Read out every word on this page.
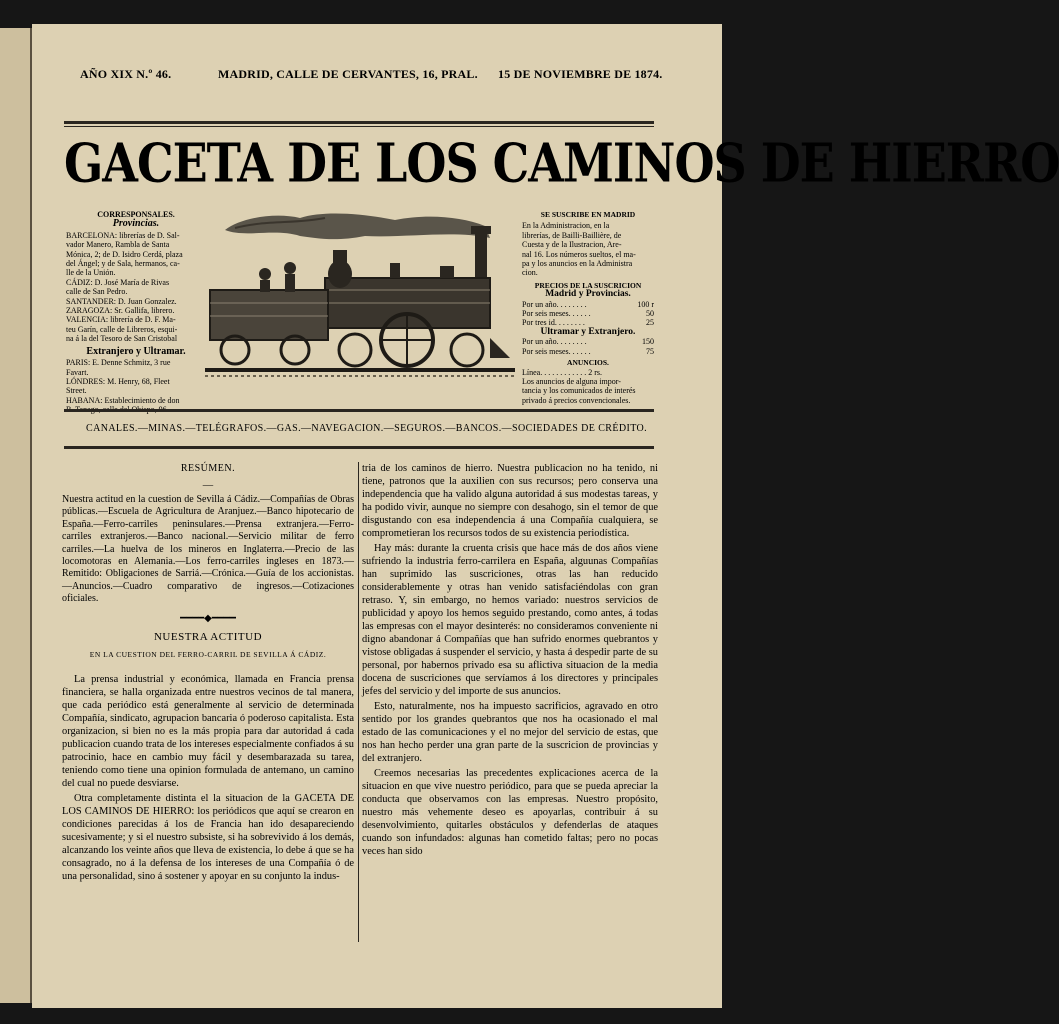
AÑO XIX N.º 46.	MADRID, CALLE DE CERVANTES, 16, PRAL. 15 DE NOVIEMBRE DE 1874.
GACETA DE LOS CAMINOS DE HIERRO
CORRESPONSALES.
Provincias.
BARCELONA: librerías de D. Sal-
vador Manero, Rambla de Santa
Mónica, 2; de D. Isidro Cerdá, plaza
del Ángel; y de Sala, hermanos, ca-
lle de la Unión.
CÁDIZ: D. José María de Rivas
calle de San Pedro.
SANTANDER: D. Juan Gonzalez.
ZARAGOZA: Sr. Gallifa, librero.
VALENCIA: librería de D. F. Ma-
teu Garín, calle de Libreros, esqui-
na á la del Tesoro de San Cristobal
Extranjero y Ultramar.
PARIS: E. Denne Schmitz, 3 rue
Favart.
LÓNDRES: M. Henry, 68, Fleet
Street.
HABANA: Establecimiento de don
SE SUSCRIBE EN MADRID
En la Administracion, en la
librerías, de Bailli-Baillière, de
Cuesta y de la Ilustracion, Are-
nal 16. Los números sueltos, el ma-
pa y los anuncios en la Administra
cion.
PRECIOS DE LA SUSCRICION
Madrid y Provincias.
Por un año. . . . . . . .	100 r
Por seis meses. . . . . .	50
Por tres id. . . . . . . .	25
Ultramar y Extranjero.
Por un año. . . . . . . .	150
Por seis meses. . . . . .	75
ANUNCIOS.
Línea. . . . . . . . . . . . 2 rs.
Los anuncios de alguna impor-
tancia y los comunicados de interés
privado á precios convencionales.
CANALES.—MINAS.—TELÉGRAFOS.—GAS.—NAVEGACION.—SEGUROS.—BANCOS.—SOCIEDADES DE CRÉDITO.
RESÚMEN.
—

Nuestra actitud en la cuestion de Sevilla á Cádiz.—Compañías de Obras públicas.—Escuela de Agricultura de Aranjuez.—Banco hipotecario de España.—Ferro-carriles peninsulares.—Prensa extranjera.—Ferro-carriles extranjeros.—Banco nacional.—Servicio militar de ferro carriles.—La huelva de los mineros en Inglaterra.—Precio de las locomotoras en Alemania.—Los ferro-carriles ingleses en 1873.—Remitido: Obligaciones de Sarriá.—Crónica.—Guía de los accionistas.—Anuncios.—Cuadro comparativo de ingresos.—Cotizaciones oficiales.

━━━━◆━━━━
NUESTRA ACTITUD
EN LA CUESTION DEL FERRO-CARRIL DE SEVILLA Á CÁDIZ.

La prensa industrial y económica, llamada en Francia prensa financiera, se halla organizada entre nuestros vecinos de tal manera, que cada periódico está generalmente al servicio de determinada Compañía, sindicato, agrupacion bancaria ó poderoso capitalista. Esta organizacion, si bien no es la más propia para dar autoridad á cada publicacion cuando trata de los intereses especialmente confiados á su patrocinio, hace en cambio muy fácil y desembarazada su tarea, teniendo como tiene una opinion formulada de antemano, un camino del cual no puede desviarse.

Otra completamente distinta el la situacion de la GACETA DE LOS CAMINOS DE HIERRO: los periódicos que aquí se crearon en condiciones parecidas á los de Francia han ido desapareciendo sucesivamente; y si el nuestro subsiste, si ha sobrevivido á los demás, alcanzando los veinte años que lleva de existencia, lo debe á que se ha consagrado, no á la defensa de los intereses de una Compañía ó de una personalidad, sino á sostener y apoyar en su conjunto la indus-

tria de los caminos de hierro. Nuestra publicacion no ha tenido, ni tiene, patronos que la auxilien con sus recursos; pero conserva una independencia que ha valido alguna autoridad á sus modestas tareas, y ha podido vivir, aunque no siempre con desahogo, sin el temor de que disgustando con esa independencia á una Compañía cualquiera, se comprometieran los recursos todos de su existencia periodística.

Hay más: durante la cruenta crisis que hace más de dos años viene sufriendo la industria ferro-carrilera en España, alguunas Compañías han suprimido las suscriciones, otras las han reducido considerablemente y otras han venido satisfaciéndolas con gran retraso. Y, sin embargo, no hemos variado: nuestros servicios de publicidad y apoyo los hemos seguido prestando, como antes, á todas las empresas con el mayor desinterés: no consideramos conveniente ni digno abandonar á Compañías que han sufrido enormes quebrantos y vistose obligadas á suspender el servicio, y hasta á despedir parte de su personal, por habernos privado esa su aflictiva situacion de la media docena de suscriciones que servíamos á los directores y principales jefes del servicio y del importe de sus anuncios.

Esto, naturalmente, nos ha impuesto sacrificios, agravado en otro sentido por los grandes quebrantos que nos ha ocasionado el mal estado de las comunicaciones y el no mejor del servicio de estas, que nos han hecho perder una gran parte de la suscricion de provincias y del extranjero.

Creemos necesarias las precedentes explicaciones acerca de la situacion en que vive nuestro periódico, para que se pueda apreciar la conducta que observamos con las empresas. Nuestro propósito, nuestro más vehemente deseo es apoyarlas, contribuir á su desenvolvimiento, quitarles obstáculos y defenderlas de ataques cuando son infundados: algunas han cometido faltas; pero no pocas veces han sido
